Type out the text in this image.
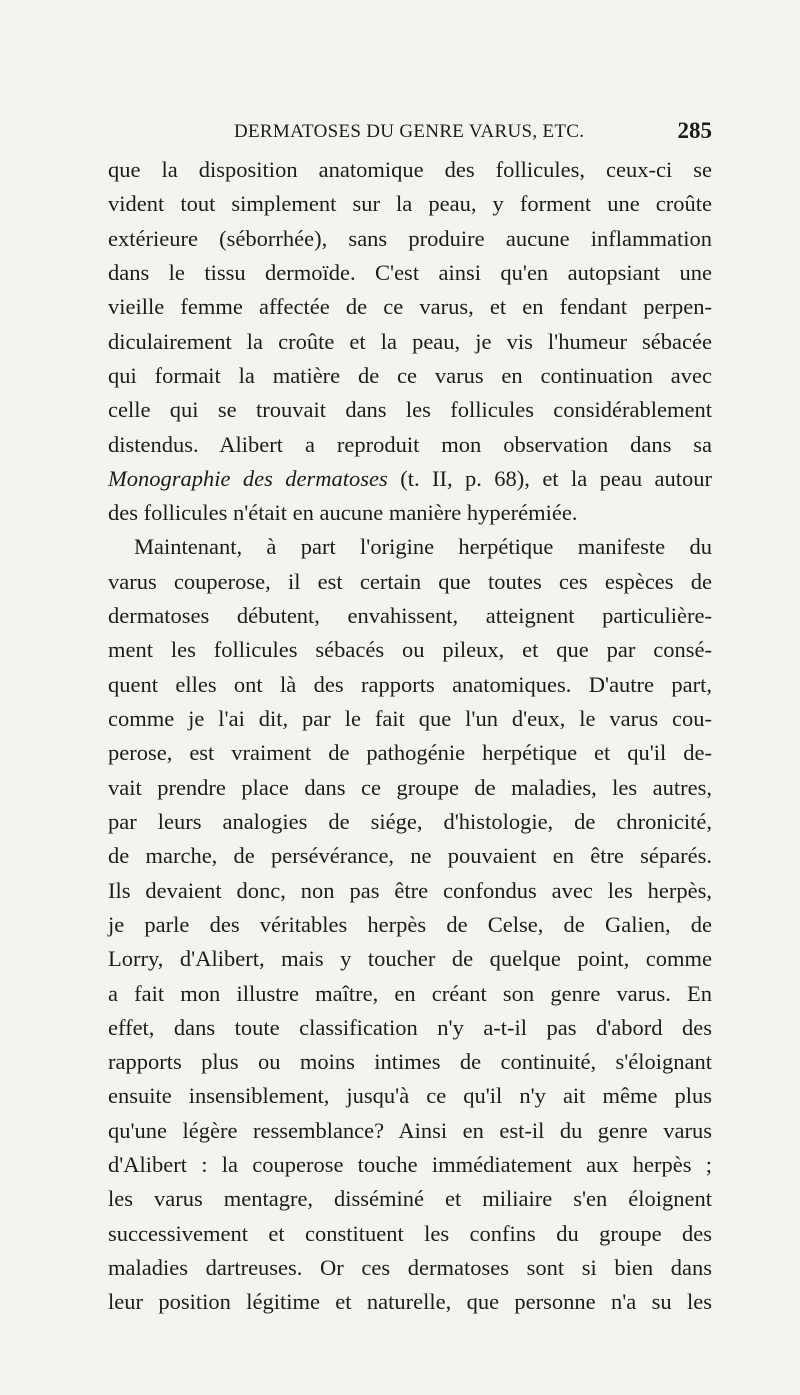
DERMATOSES DU GENRE VARUS, ETC.	285
que la disposition anatomique des follicules, ceux-ci se
vident tout simplement sur la peau, y forment une croûte
extérieure (séborrhée), sans produire aucune inflammation
dans le tissu dermoïde. C'est ainsi qu'en autopsiant une
vieille femme affectée de ce varus, et en fendant perpen-
diculairement la croûte et la peau, je vis l'humeur sébacée
qui formait la matière de ce varus en continuation avec
celle qui se trouvait dans les follicules considérablement
distendus. Alibert a reproduit mon observation dans sa
Monographie des dermatoses (t. II, p. 68), et la peau autour
des follicules n'était en aucune manière hyperémiée.
Maintenant, à part l'origine herpétique manifeste du
varus couperose, il est certain que toutes ces espèces de
dermatoses débutent, envahissent, atteignent particulière-
ment les follicules sébacés ou pileux, et que par consé-
quent elles ont là des rapports anatomiques. D'autre part,
comme je l'ai dit, par le fait que l'un d'eux, le varus cou-
perose, est vraiment de pathogénie herpétique et qu'il de-
vait prendre place dans ce groupe de maladies, les autres,
par leurs analogies de siége, d'histologie, de chronicité,
de marche, de persévérance, ne pouvaient en être séparés.
Ils devaient donc, non pas être confondus avec les herpès,
je parle des véritables herpès de Celse, de Galien, de
Lorry, d'Alibert, mais y toucher de quelque point, comme
a fait mon illustre maître, en créant son genre varus. En
effet, dans toute classification n'y a-t-il pas d'abord des
rapports plus ou moins intimes de continuité, s'éloignant
ensuite insensiblement, jusqu'à ce qu'il n'y ait même plus
qu'une légère ressemblance? Ainsi en est-il du genre varus
d'Alibert : la couperose touche immédiatement aux herpès ;
les varus mentagre, disséminé et miliaire s'en éloignent
successivement et constituent les confins du groupe des
maladies dartreuses. Or ces dermatoses sont si bien dans
leur position légitime et naturelle, que personne n'a su les
